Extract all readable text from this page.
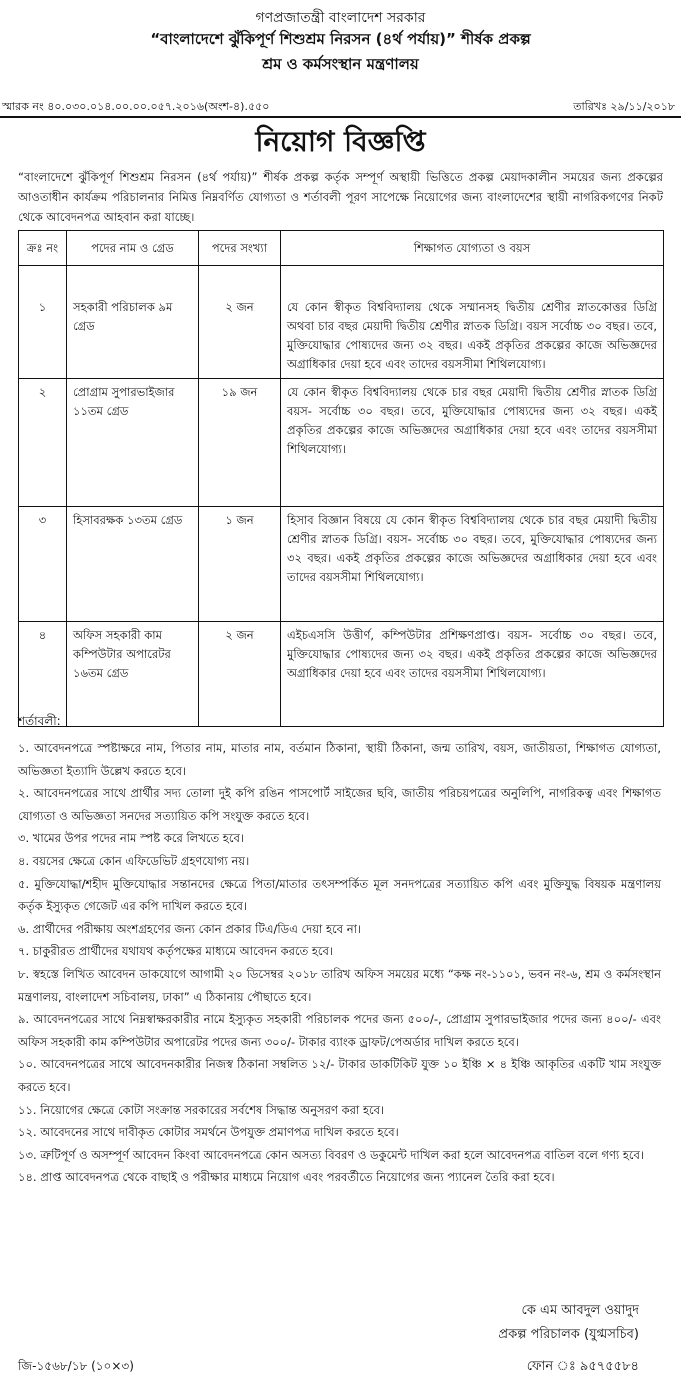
গণপ্রজাতন্ত্রী বাংলাদেশ সরকার
“বাংলাদেশে ঝুঁকিপূর্ণ শিশুশ্রম নিরসন (৪র্থ পর্যায়)” শীর্ষক প্রকল্প
শ্রম ও কর্মসংস্থান মন্ত্রণালয়
স্মারক নং ৪০.০৩০.০১৪.০০.০০.০৫৭.২০১৬(অংশ-৪).৫৫০	তারিখঃ ২৯/১১/২০১৮
নিয়োগ বিজ্ঞপ্তি
“বাংলাদেশে ঝুঁকিপূর্ণ শিশুশ্রম নিরসন (৪র্থ পর্যায়)” শীর্ষক প্রকল্প কর্তৃক সম্পূর্ণ অস্থায়ী ভিত্তিতে প্রকল্প মেয়াদকালীন সময়ের জন্য প্রকল্পের আওতাধীন কার্যক্রম পরিচালনার নিমিত্ত নিম্নবর্ণিত যোগ্যতা ও শর্তাবলী পূরণ সাপেক্ষে নিয়োগের জন্য বাংলাদেশের স্থায়ী নাগরিকগণের নিকট থেকে আবেদনপত্র আহবান করা যাচ্ছে।
ক্রঃ নং	পদের নাম ও গ্রেড	পদের সংখ্যা	শিক্ষাগত যোগ্যতা ও বয়স
১	সহকারী পরিচালক ৯ম গ্রেড	২ জন	যে কোন স্বীকৃত বিশ্ববিদ্যালয় থেকে সম্মানসহ দ্বিতীয় শ্রেণীর স্নাতকোত্তর ডিগ্রি অথবা চার বছর মেয়াদী দ্বিতীয় শ্রেণীর স্নাতক ডিগ্রি। বয়স সর্বোচ্চ ৩০ বছর। তবে, মুক্তিযোদ্ধার পোষ্যদের জন্য ৩২ বছর। একই প্রকৃতির প্রকল্পের কাজে অভিজ্ঞদের অগ্রাধিকার দেয়া হবে এবং তাদের বয়সসীমা শিথিলযোগ্য।
২	প্রোগ্রাম সুপারভাইজার ১১তম গ্রেড	১৯ জন	যে কোন স্বীকৃত বিশ্ববিদ্যালয় থেকে চার বছর মেয়াদী দ্বিতীয় শ্রেণীর স্নাতক ডিগ্রি বয়স- সর্বোচ্চ ৩০ বছর। তবে, মুক্তিযোদ্ধার পোষ্যদের জন্য ৩২ বছর। একই প্রকৃতির প্রকল্পের কাজে অভিজ্ঞদের অগ্রাধিকার দেয়া হবে এবং তাদের বয়সসীমা শিথিলযোগ্য।
৩	হিসাবরক্ষক ১৩তম গ্রেড	১ জন	হিসাব বিজ্ঞান বিষয়ে যে কোন স্বীকৃত বিশ্ববিদ্যালয় থেকে চার বছর মেয়াদী দ্বিতীয় শ্রেণীর স্নাতক ডিগ্রি। বয়স- সর্বোচ্চ ৩০ বছর। তবে, মুক্তিযোদ্ধার পোষ্যদের জন্য ৩২ বছর। একই প্রকৃতির প্রকল্পের কাজে অভিজ্ঞদের অগ্রাধিকার দেয়া হবে এবং তাদের বয়সসীমা শিথিলযোগ্য।
৪	অফিস সহকারী কাম কম্পিউটার অপারেটর ১৬তম গ্রেড	২ জন	এইচএসসি উত্তীর্ণ, কম্পিউটার প্রশিক্ষণপ্রাপ্ত। বয়স- সর্বোচ্চ ৩০ বছর। তবে, মুক্তিযোদ্ধার পোষ্যদের জন্য ৩২ বছর। একই প্রকৃতির প্রকল্পের কাজে অভিজ্ঞদের অগ্রাধিকার দেয়া হবে এবং তাদের বয়সসীমা শিথিলযোগ্য।
শর্তাবলী:
১. আবেদনপত্রে স্পষ্টাক্ষরে নাম, পিতার নাম, মাতার নাম, বর্তমান ঠিকানা, স্থায়ী ঠিকানা, জন্ম তারিখ, বয়স, জাতীয়তা, শিক্ষাগত যোগ্যতা, অভিজ্ঞতা ইত্যাদি উল্লেখ করতে হবে।
২. আবেদনপত্রের সাথে প্রার্থীর সদ্য তোলা দুই কপি রঙিন পাসপোর্ট সাইজের ছবি, জাতীয় পরিচয়পত্রের অনুলিপি, নাগরিকত্ব এবং শিক্ষাগত যোগ্যতা ও অভিজ্ঞতা সনদের সত্যায়িত কপি সংযুক্ত করতে হবে।
৩. খামের উপর পদের নাম স্পষ্ট করে লিখতে হবে।
৪. বয়সের ক্ষেত্রে কোন এফিডেভিট গ্রহণযোগ্য নয়।
৫. মুক্তিযোদ্ধা/শহীদ মুক্তিযোদ্ধার সন্তানদের ক্ষেত্রে পিতা/মাতার তৎসম্পর্কিত মূল সনদপত্রের সত্যায়িত কপি এবং মুক্তিযুদ্ধ বিষয়ক মন্ত্রণালয় কর্তৃক ইস্যুকৃত গেজেট এর কপি দাখিল করতে হবে।
৬. প্রার্থীদের পরীক্ষায় অংশগ্রহণের জন্য কোন প্রকার টিএ/ডিএ দেয়া হবে না।
৭. চাকুরীরত প্রার্থীদের যথাযথ কর্তৃপক্ষের মাধ্যমে আবেদন করতে হবে।
৮. স্বহস্তে লিখিত আবেদন ডাকযোগে আগামী ২০ ডিসেম্বর ২০১৮ তারিখ অফিস সময়ের মধ্যে “কক্ষ নং-১১০১, ভবন নং-৬, শ্রম ও কর্মসংস্থান মন্ত্রণালয়, বাংলাদেশ সচিবালয়, ঢাকা” এ ঠিকানায় পৌছাতে হবে।
৯. আবেদনপত্রের সাথে নিম্নস্বাক্ষরকারীর নামে ইস্যুকৃত সহকারী পরিচালক পদের জন্য ৫০০/-, প্রোগ্রাম সুপারভাইজার পদের জন্য ৪০০/- এবং অফিস সহকারী কাম কম্পিউটার অপারেটর পদের জন্য ৩০০/- টাকার ব্যাংক ড্রাফট/পেঅর্ডার দাখিল করতে হবে।
১০. আবেদনপত্রের সাথে আবেদনকারীর নিজস্ব ঠিকানা সম্বলিত ১২/- টাকার ডাকটিকিট যুক্ত ১০ ইঞ্চি × ৪ ইঞ্চি আকৃতির একটি খাম সংযুক্ত করতে হবে।
১১. নিয়োগের ক্ষেত্রে কোটা সংক্রান্ত সরকারের সর্বশেষ সিদ্ধান্ত অনুসরণ করা হবে।
১২. আবেদনের সাথে দাবীকৃত কোটার সমর্থনে উপযুক্ত প্রমাণপত্র দাখিল করতে হবে।
১৩. ত্রুটিপূর্ণ ও অসম্পূর্ণ আবেদন কিংবা আবেদনপত্রে কোন অসত্য বিবরণ ও ডকুমেন্ট দাখিল করা হলে আবেদনপত্র বাতিল বলে গণ্য হবে।
১৪. প্রাপ্ত আবেদনপত্র থেকে বাছাই ও পরীক্ষার মাধ্যমে নিয়োগ এবং পরবর্তীতে নিয়োগের জন্য প্যানেল তৈরি করা হবে।
কে এম আবদুল ওয়াদুদ
প্রকল্প পরিচালক (যুগ্মসচিব)
ফোন ঃ ৯৫৭৫৫৮৪
জি-১৫৬৮/১৮ (১০×৩)
